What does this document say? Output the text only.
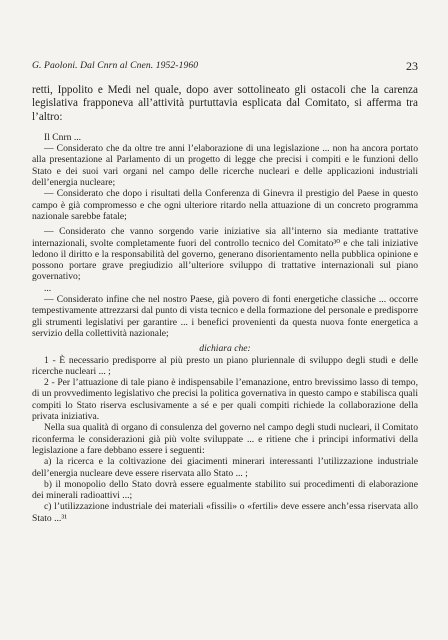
G. Paoloni. Dal Cnrn al Cnen. 1952-1960	23

retti, Ippolito e Medi nel quale, dopo aver sottolineato gli ostacoli che la carenza legislativa frapponeva all’attività purtuttavia esplicata dal Comitato, si afferma tra l’altro:

Il Cnrn ...

— Considerato che da oltre tre anni l’elaborazione di una legislazione ... non ha ancora portato alla presentazione al Parlamento di un progetto di legge che precisi i compiti e le funzioni dello Stato e dei suoi vari organi nel campo delle ricerche nucleari e delle applicazioni industriali dell’energia nucleare;

— Considerato che dopo i risultati della Conferenza di Ginevra il prestigio del Paese in questo campo è già compromesso e che ogni ulteriore ritardo nella attuazione di un concreto programma nazionale sarebbe fatale;

— Considerato che vanno sorgendo varie iniziative sia all’interno sia mediante trattative internazionali, svolte completamente fuori del controllo tecnico del Comitato³⁰ e che tali iniziative ledono il diritto e la responsabilità del governo, generano disorientamento nella pubblica opinione e possono portare grave pregiudizio all’ulteriore sviluppo di trattative internazionali sul piano governativo;

...

— Considerato infine che nel nostro Paese, già povero di fonti energetiche classiche ... occorre tempestivamente attrezzarsi dal punto di vista tecnico e della formazione del personale e predisporre gli strumenti legislativi per garantire ... i benefici provenienti da questa nuova fonte energetica a servizio della collettività nazionale;

dichiara che:

1 - È necessario predisporre al più presto un piano pluriennale di sviluppo degli studi e delle ricerche nucleari ... ;

2 - Per l’attuazione di tale piano è indispensabile l’emanazione, entro brevissimo lasso di tempo, di un provvedimento legislativo che precisi la politica governativa in questo campo e stabilisca quali compiti lo Stato riserva esclusivamente a sé e per quali compiti richiede la collaborazione della privata iniziativa.

Nella sua qualità di organo di consulenza del governo nel campo degli studi nucleari, il Comitato riconferma le considerazioni già più volte sviluppate ... e ritiene che i principi informativi della legislazione a fare debbano essere i seguenti:

a) la ricerca e la coltivazione dei giacimenti minerari interessanti l’utilizzazione industriale dell’energia nucleare deve essere riservata allo Stato ... ;

b) il monopolio dello Stato dovrà essere egualmente stabilito sui procedimenti di elaborazione dei minerali radioattivi ...;

c) l’utilizzazione industriale dei materiali «fissili» o «fertili» deve essere anch’essa riservata allo Stato ...³¹
